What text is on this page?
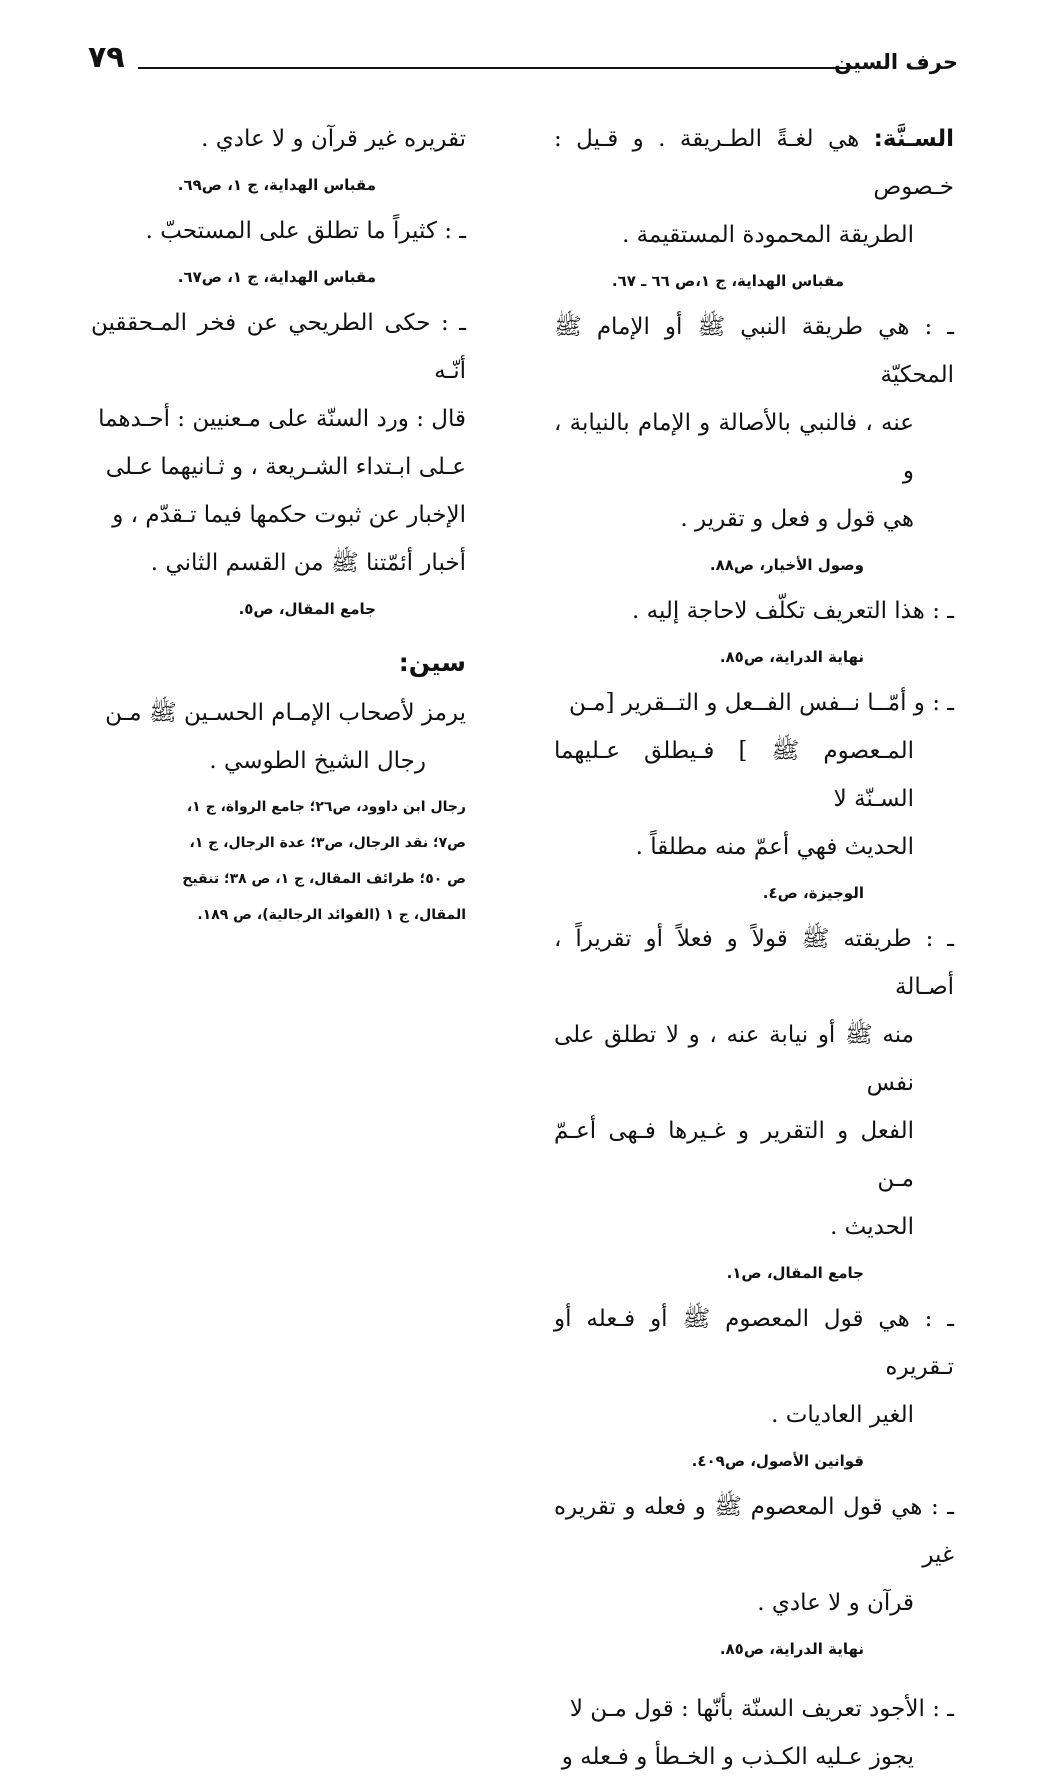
٧٩	حرف السين
السـنَّة: هي لغـةً الطـريقة . و قـيل : خـصوص
الطريقة المحمودة المستقيمة .
مقباس الهداية، ج ١،ص ٦٦ ـ ٦٧.
ـ : هي طريقة النبي ﷺ أو الإمام ﷺ المحكيّة
عنه ، فالنبي بالأصالة و الإمام بالنيابة ، و
هي قول و فعل و تقرير .
وصول الأخيار، ص٨٨.
ـ : هذا التعريف تكلّف لاحاجة إليه .
نهاية الدراية، ص٨٥.
ـ : و أمّــا نــفس الفــعل و التــقرير [مـن
المـعصوم ﷺ ] فـيطلق عـليهما السـنّة لا
الحديث فهي أعمّ منه مطلقاً .
الوجيزة، ص٤.
ـ : طريقته ﷺ قولاً و فعلاً أو تقريراً ، أصـالة
منه ﷺ أو نيابة عنه ، و لا تطلق على نفس
الفعل و التقرير و غـيرها فـهى أعـمّ مـن
الحديث .
جامع المقال، ص١.
ـ : هي قول المعصوم ﷺ أو فـعله أو تـقريره
الغير العاديات .
قوانين الأصول، ص٤٠٩.
ـ : هي قول المعصوم ﷺ و فعله و تقريره غير
قرآن و لا عادي .
نهاية الدراية، ص٨٥.
ـ : الأجود تعريف السنّة بأنّها : قول مـن لا
يجوز عـليه الكـذب و الخـطأ و فـعله و
تقريره غير قرآن و لا عادي .
مقباس الهداية، ج ١، ص٦٩.
ـ : كثيراً ما تطلق على المستحبّ .
مقباس الهداية، ج ١، ص٦٧.
ـ : حكى الطريحي عن فخر المـحققين أنّـه
قال : ورد السنّة على مـعنيين : أحـدهما
عـلى ابـتداء الشـريعة ، و ثـانيهما عـلى
الإخبار عن ثبوت حكمها فيما تـقدّم ، و
أخبار أئمّتنا ﷺ من القسم الثاني .
جامع المقال، ص٥.
سين:
يرمز لأصحاب الإمـام الحسـين ﷺ مـن
رجال الشيخ الطوسي .
رجال ابن داوود، ص٢٦؛ جامع الرواة، ج ١،
ص٧؛ نقد الرجال، ص٣؛ عدة الرجال، ج ١،
ص ٥٠؛ طرائف المقال، ج ١، ص ٣٨؛ تنقيح
المقال، ج ١ (الفوائد الرجالية)، ص ١٨٩.
